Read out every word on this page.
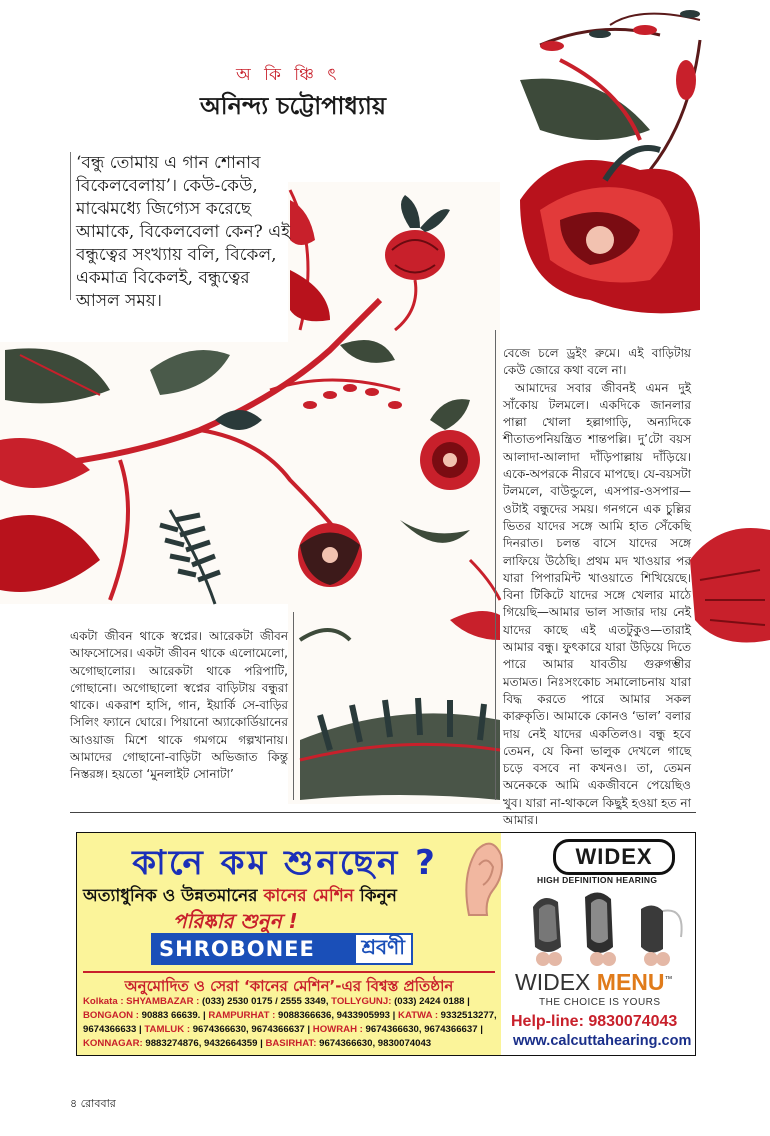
অ কি ঞ্চি ৎ
অনিন্দ্য চট্টোপাধ্যায়
‘বন্ধু তোমায় এ গান শোনাব বিকেলবেলায়’। কেউ-কেউ, মাঝেমধ্যে জিগ্যেস করেছে আমাকে, বিকেলবেলা কেন? এই বন্ধুত্বের সংখ্যায় বলি, বিকেল, একমাত্র বিকেলই, বন্ধুত্বের আসল সময়।

একটা জীবন থাকে স্বপ্নের। আরেকটা জীবন আফসোসের। একটা জীবন থাকে এলোমেলো, অগোছালোর। আরেকটা থাকে পরিপাটি, গোছানো। অগোছালো স্বপ্নের বাড়িটায় বন্ধুরা থাকে। একরাশ হাসি, গান, ইয়ার্কি সে-বাড়ির সিলিং ফ্যানে ঘোরে। পিয়ানো অ্যাকোর্ডিয়ানের আওয়াজ মিশে থাকে গমগমে গল্পখানায়। আমাদের গোছানো-বাড়িটা অভিজাত কিন্তু নিস্তরঙ্গ। হয়তো ‘মুনলাইট সোনাটা’

বেজে চলে ড্রইং রুমে। এই বাড়িটায় কেউ জোরে কথা বলে না।

আমাদের সবার জীবনই এমন দুই সাঁকোয় টলমলে। একদিকে জানলার পাল্লা খোলা হল্লাগাড়ি, অন্যদিকে শীতাতপনিয়ন্ত্রিত শান্তপল্লি। দু’টো বয়স আলাদা-আলাদা দাঁড়িপাল্লায় দাঁড়িয়ে। একে-অপরকে নীরবে মাপছে। যে-বয়সটা টলমলে, বাউন্ডুলে, এসপার-ওসপার—ওটাই বন্ধুদের সময়। গনগনে এক চুল্লির ভিতর যাদের সঙ্গে আমি হাত সেঁকেছি দিনরাত। চলন্ত বাসে যাদের সঙ্গে লাফিয়ে উঠেছি। প্রথম মদ খাওয়ার পর যারা পিপারমিন্ট খাওয়াতে শিখিয়েছে। বিনা টিকিটে যাদের সঙ্গে খেলার মাঠে গিয়েছি—আমার ভাল সাজার দায় নেই যাদের কাছে এই এতটুকুও—তারাই আমার বন্ধু। ফুৎকারে যারা উড়িয়ে দিতে পারে আমার যাবতীয় গুরুগম্ভীর মতামত। নিঃসংকোচ সমালোচনায় যারা বিদ্ধ করতে পারে আমার সকল কারুকৃতি। আমাকে কোনও ‘ভাল’ বলার দায় নেই যাদের একতিলও। বন্ধু হবে তেমন, যে কিনা ভালুক দেখলে গাছে চড়ে বসবে না কখনও। তা, তেমন অনেককে আমি একজীবনে পেয়েছিও খুব। যারা না-থাকলে কিছুই হওয়া হত না আমার।

কানে কম শুনছেন ?
অত্যাধুনিক ও উন্নতমানের কানের মেশিন কিনুন
পরিষ্কার শুনুন !
SHROBONEE	শ্রবণী
অনুমোদিত ও সেরা ‘কানের মেশিন’-এর বিশ্বস্ত প্রতিষ্ঠান
Kolkata : SHYAMBAZAR : (033) 2530 0175 / 2555 3349, TOLLYGUNJ: (033) 2424 0188 |
BONGAON : 90883 66639. | RAMPURHAT : 9088366636, 9433905993 | KATWA : 9332513277,
9674366633 | TAMLUK : 9674366630, 9674366637 | HOWRAH : 9674366630, 9674366637 |
KONNAGAR: 9883274876, 9432664359 | BASIRHAT: 9674366630, 9830074043
WIDEX
HIGH DEFINITION HEARING
WIDEX MENU™
THE CHOICE IS YOURS
Help-line: 9830074043
www.calcuttahearing.com
৪ রোববার
